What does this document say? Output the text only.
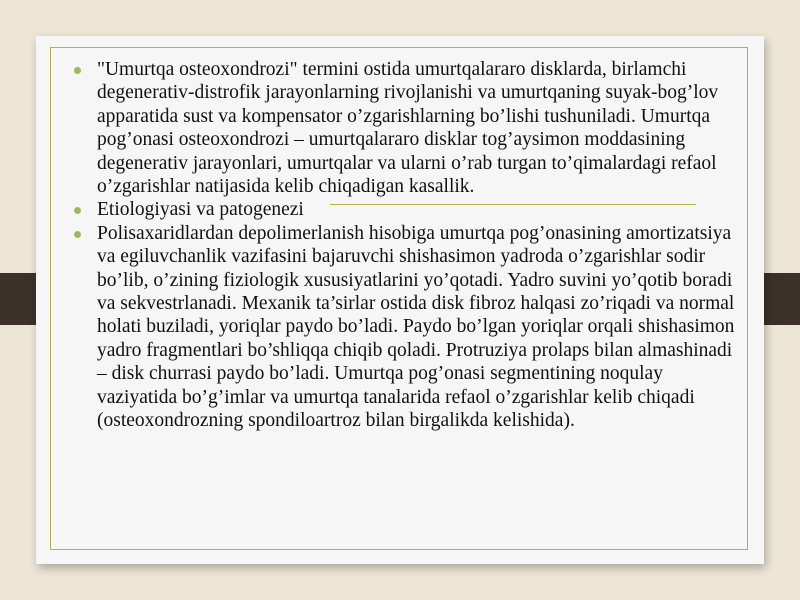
"Umurtqa osteoxondrozi" termini ostida umurtqalararo disklarda, birlamchi degenerativ-distrofik jarayonlarning rivojlanishi va umurtqaning suyak-bog’lov apparatida sust va kompensator o’zgarishlarning bo’lishi tushuniladi. Umurtqa pog’onasi osteoxondrozi – umurtqalararo disklar tog’aysimon moddasining degenerativ jarayonlari, umurtqalar va ularni o’rab turgan to’qimalardagi refaol o’zgarishlar natijasida kelib chiqadigan kasallik.
Etiologiyasi va patogenezi
Polisaxaridlardan depolimerlanish hisobiga umurtqa pog’onasining amortizatsiya va egiluvchanlik vazifasini bajaruvchi shishasimon yadroda o’zgarishlar sodir bo’lib, o’zining fiziologik xususiyatlarini yo’qotadi. Yadro suvini yo’qotib boradi va sekvestrlanadi. Mexanik ta’sirlar ostida disk fibroz halqasi zo’riqadi va normal holati buziladi, yoriqlar paydo bo’ladi. Paydo bo’lgan yoriqlar orqali shishasimon yadro fragmentlari bo’shliqqa chiqib qoladi. Protruziya prolaps bilan almashinadi – disk churrasi paydo bo’ladi. Umurtqa pog’onasi segmentining noqulay vaziyatida bo’g’imlar va umurtqa tanalarida refaol o’zgarishlar kelib chiqadi (osteoxondrozning spondiloartroz bilan birgalikda kelishida).
